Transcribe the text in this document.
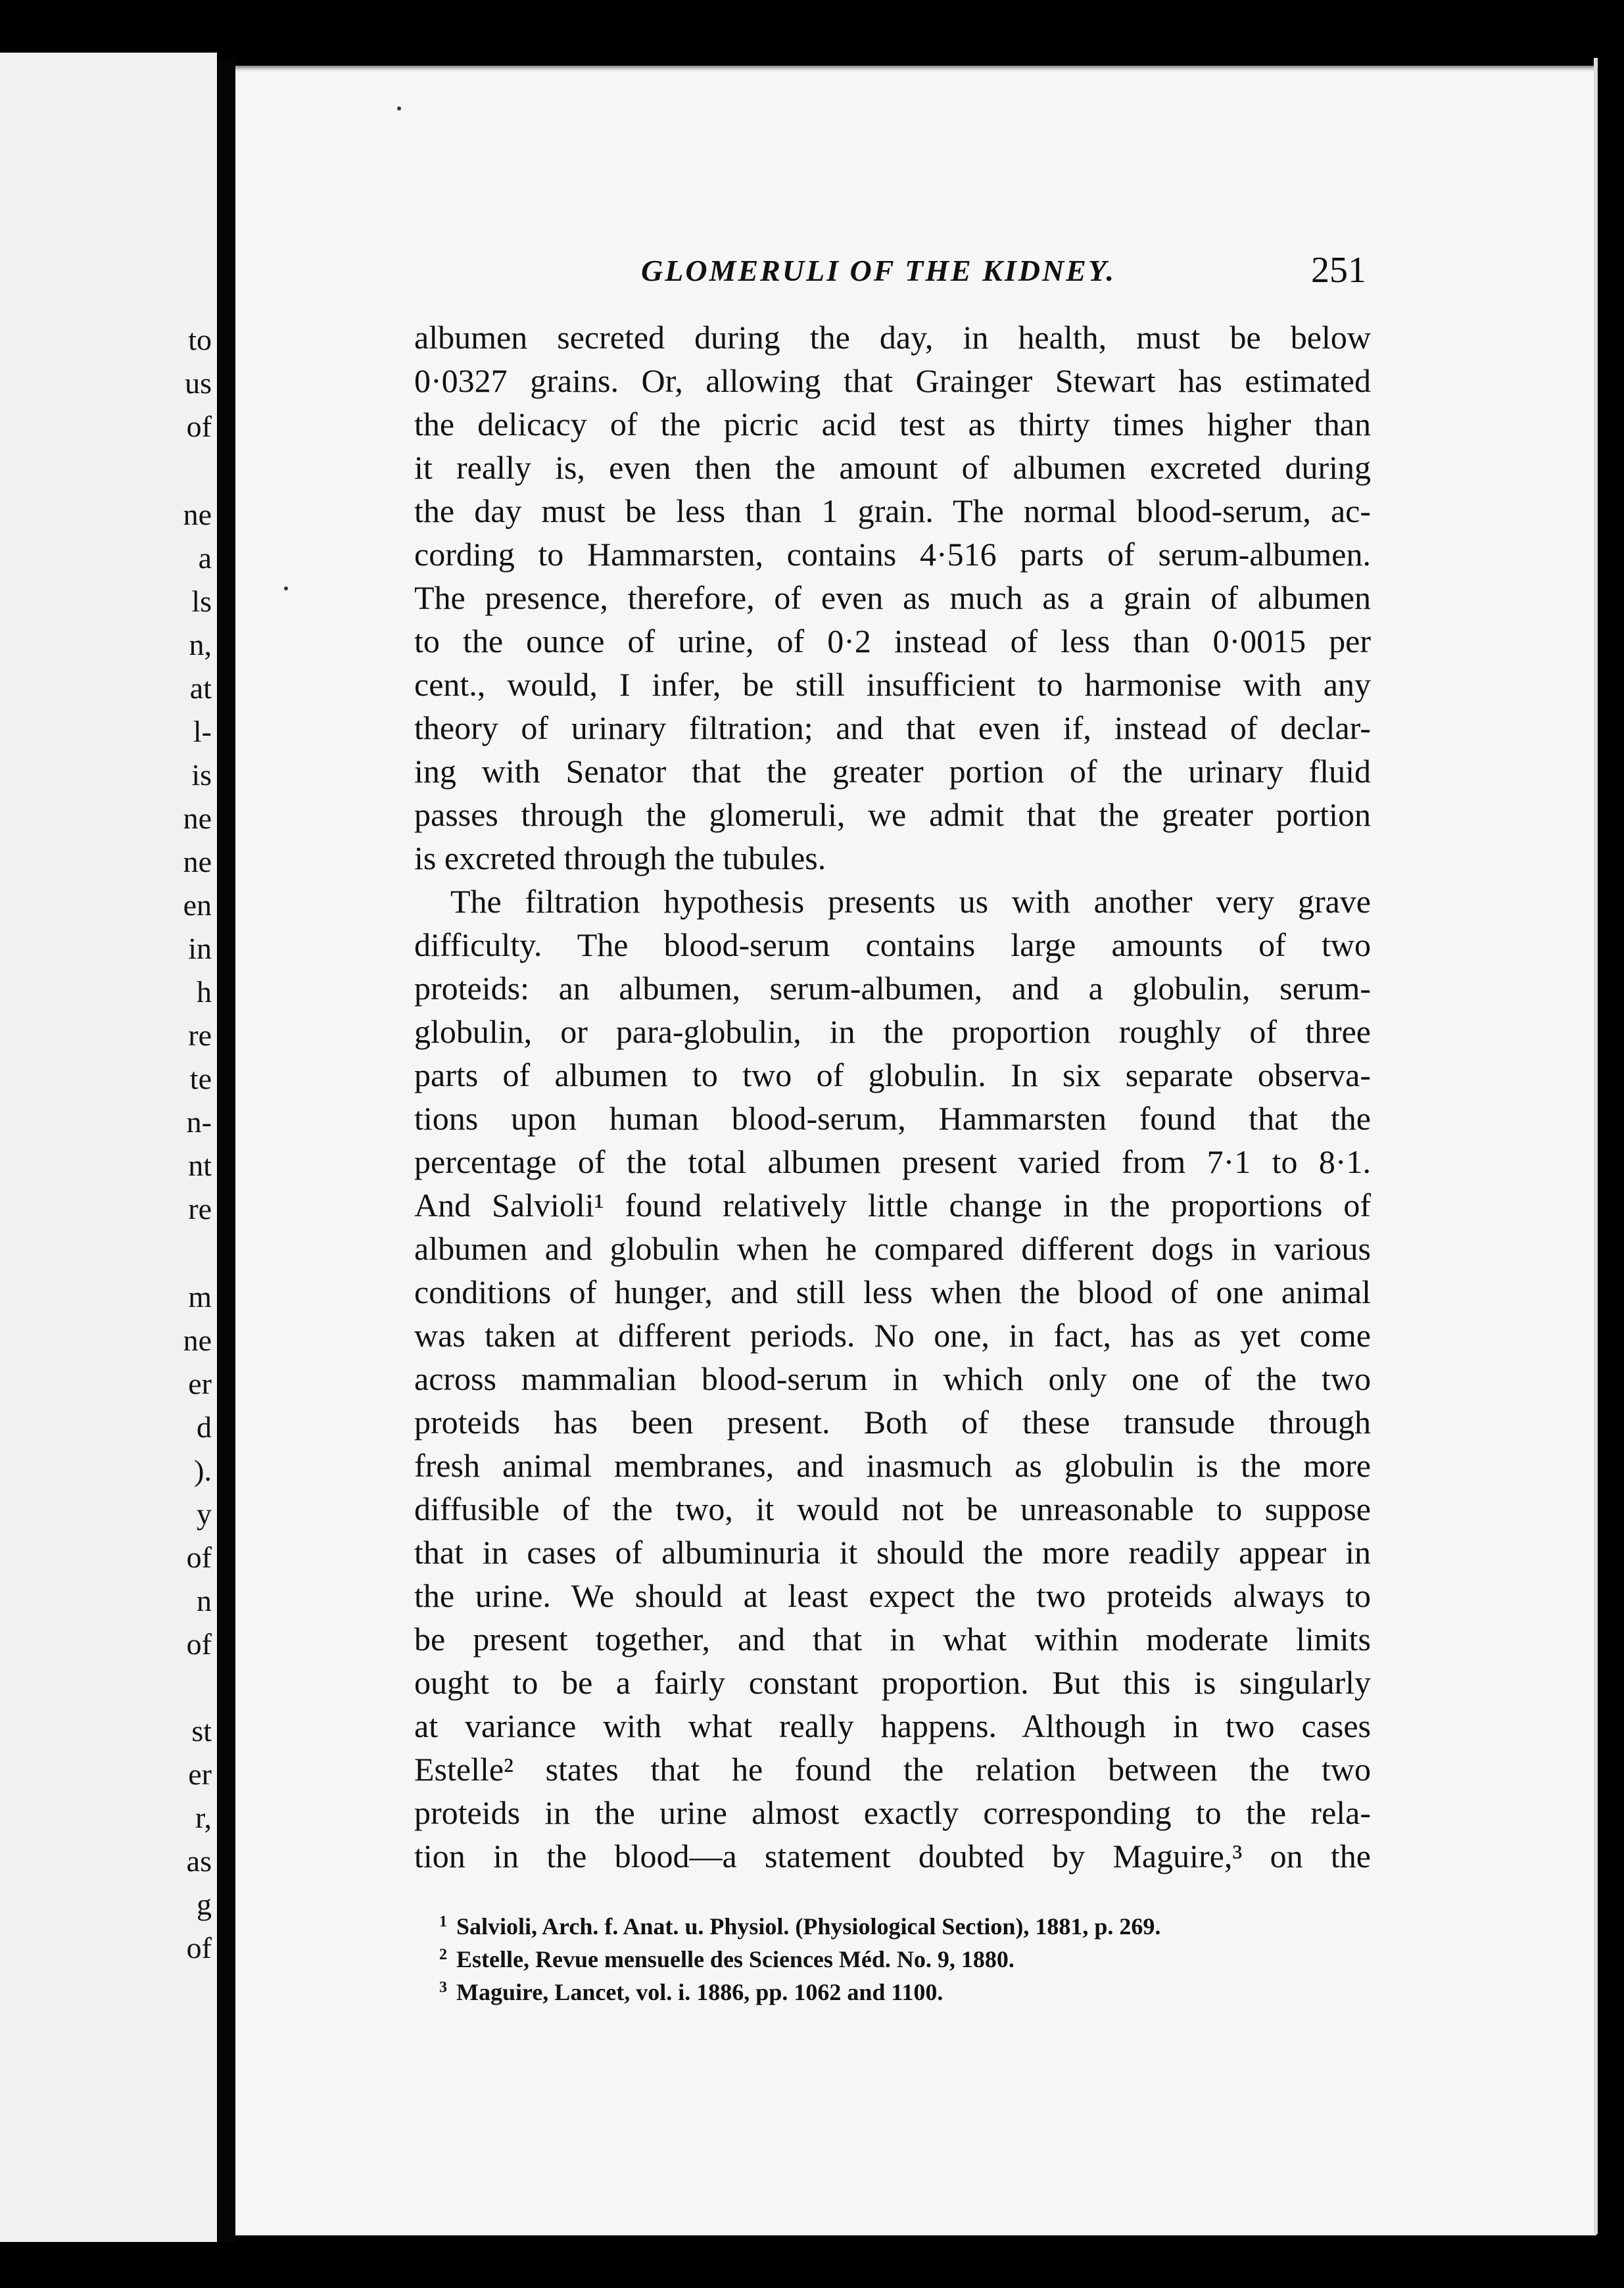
to
us
of
ne
a
ls
n,
at
l-
is
ne
ne
en
in
h
re
te
n-
nt
re
m
ne
er
d
).
y
of
n
of
st
er
r,
as
g
of
GLOMERULI OF THE KIDNEY.	251
albumen secreted during the day, in health, must be below
0·0327 grains. Or, allowing that Grainger Stewart has estimated
the delicacy of the picric acid test as thirty times higher than
it really is, even then the amount of albumen excreted during
the day must be less than 1 grain. The normal blood-serum, ac-
cording to Hammarsten, contains 4·516 parts of serum-albumen.
The presence, therefore, of even as much as a grain of albumen
to the ounce of urine, of 0·2 instead of less than 0·0015 per
cent., would, I infer, be still insufficient to harmonise with any
theory of urinary filtration; and that even if, instead of declar-
ing with Senator that the greater portion of the urinary fluid
passes through the glomeruli, we admit that the greater portion
is excreted through the tubules.
The filtration hypothesis presents us with another very grave
difficulty. The blood-serum contains large amounts of two
proteids: an albumen, serum-albumen, and a globulin, serum-
globulin, or para-globulin, in the proportion roughly of three
parts of albumen to two of globulin. In six separate observa-
tions upon human blood-serum, Hammarsten found that the
percentage of the total albumen present varied from 7·1 to 8·1.
And Salvioli¹ found relatively little change in the proportions of
albumen and globulin when he compared different dogs in various
conditions of hunger, and still less when the blood of one animal
was taken at different periods. No one, in fact, has as yet come
across mammalian blood-serum in which only one of the two
proteids has been present. Both of these transude through
fresh animal membranes, and inasmuch as globulin is the more
diffusible of the two, it would not be unreasonable to suppose
that in cases of albuminuria it should the more readily appear in
the urine. We should at least expect the two proteids always to
be present together, and that in what within moderate limits
ought to be a fairly constant proportion. But this is singularly
at variance with what really happens. Although in two cases
Estelle² states that he found the relation between the two
proteids in the urine almost exactly corresponding to the rela-
tion in the blood—a statement doubted by Maguire,³ on the
$^1$ Salvioli, Arch. f. Anat. u. Physiol. (Physiological Section), 1881, p. 269.
$^2$ Estelle, Revue mensuelle des Sciences Méd. No. 9, 1880.
$^3$ Maguire, Lancet, vol. i. 1886, pp. 1062 and 1100.
